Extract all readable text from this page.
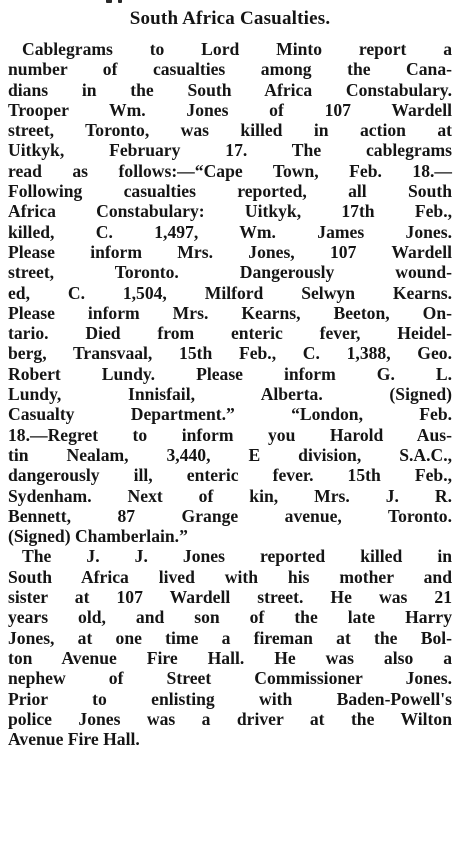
South Africa Casualties.

Cablegrams to Lord Minto report a
number of casualties among the Cana-
dians in the South Africa Constabulary.
Trooper Wm. Jones of 107 Wardell
street, Toronto, was killed in action at
Uitkyk, February 17. The cablegrams
read as follows:—“Cape Town, Feb. 18.—
Following casualties reported, all South
Africa Constabulary: Uitkyk, 17th Feb.,
killed, C. 1,497, Wm. James Jones.
Please inform Mrs. Jones, 107 Wardell
street, Toronto. Dangerously wound-
ed, C. 1,504, Milford Selwyn Kearns.
Please inform Mrs. Kearns, Beeton, On-
tario. Died from enteric fever, Heidel-
berg, Transvaal, 15th Feb., C. 1,388, Geo.
Robert Lundy. Please inform G. L.
Lundy, Innisfail, Alberta. (Signed)
Casualty Department.” “London, Feb.
18.—Regret to inform you Harold Aus-
tin Nealam, 3,440, E division, S.A.C.,
dangerously ill, enteric fever. 15th Feb.,
Sydenham. Next of kin, Mrs. J. R.
Bennett, 87 Grange avenue, Toronto.
(Signed) Chamberlain.”

The J. J. Jones reported killed in
South Africa lived with his mother and
sister at 107 Wardell street. He was 21
years old, and son of the late Harry
Jones, at one time a fireman at the Bol-
ton Avenue Fire Hall. He was also a
nephew of Street Commissioner Jones.
Prior to enlisting with Baden-Powell's
police Jones was a driver at the Wilton
Avenue Fire Hall.
